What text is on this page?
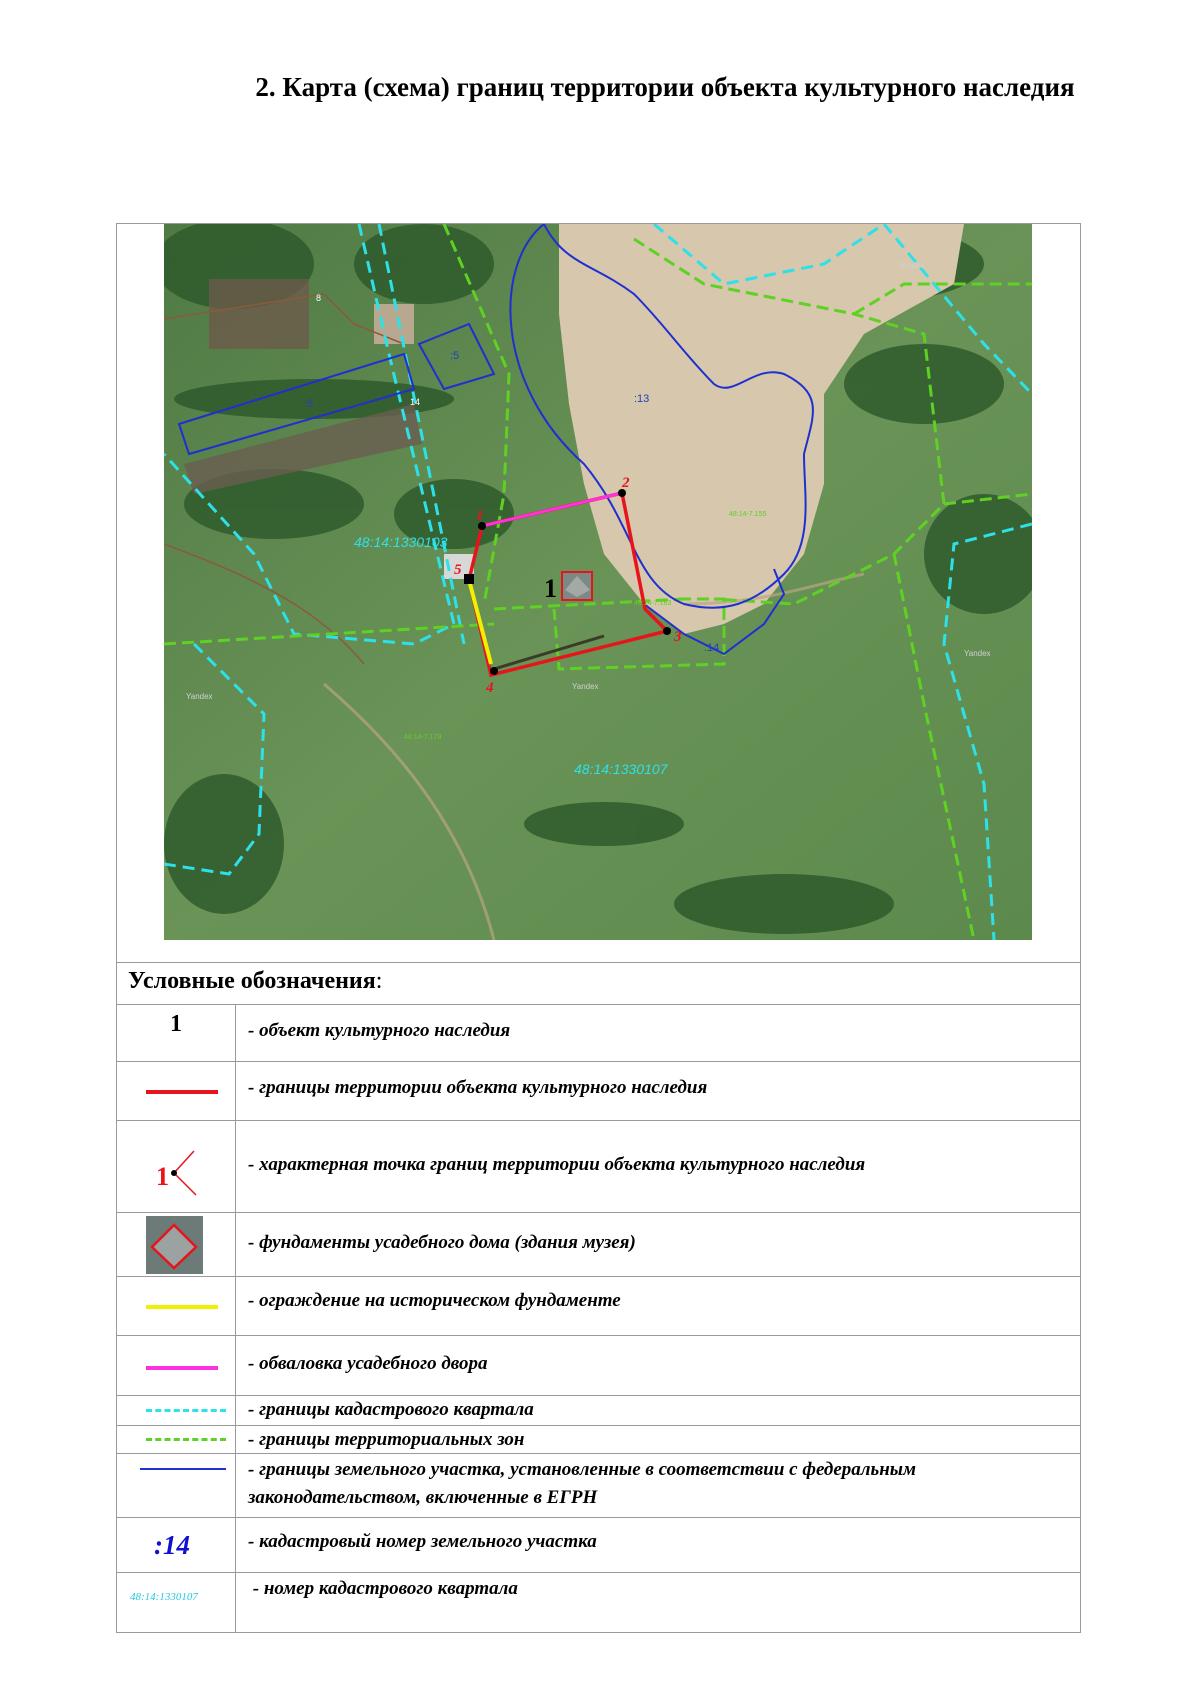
2. Карта (схема) границ территории объекта культурного наследия
1
2
3
4
5
1
:5
:5
:13
:14
8
14
48:14-7.155
48:14-7.163
48:14-7.179
48:14:1330103
48:14:1330107
Yandex
Yandex
Yandex
Yandex
Условные обозначения:
1	- объект культурного наследия
- границы территории объекта культурного наследия
1	- характерная точка границ территории объекта культурного наследия
- фундаменты усадебного дома (здания музея)
- ограждение на историческом фундаменте
- обваловка усадебного двора
- границы кадастрового квартала
- границы территориальных зон
- границы земельного участка, установленные в соответствии с федеральным законодательством, включенные в ЕГРН
:14	- кадастровый номер земельного участка
48:14:1330107	- номер кадастрового квартала
